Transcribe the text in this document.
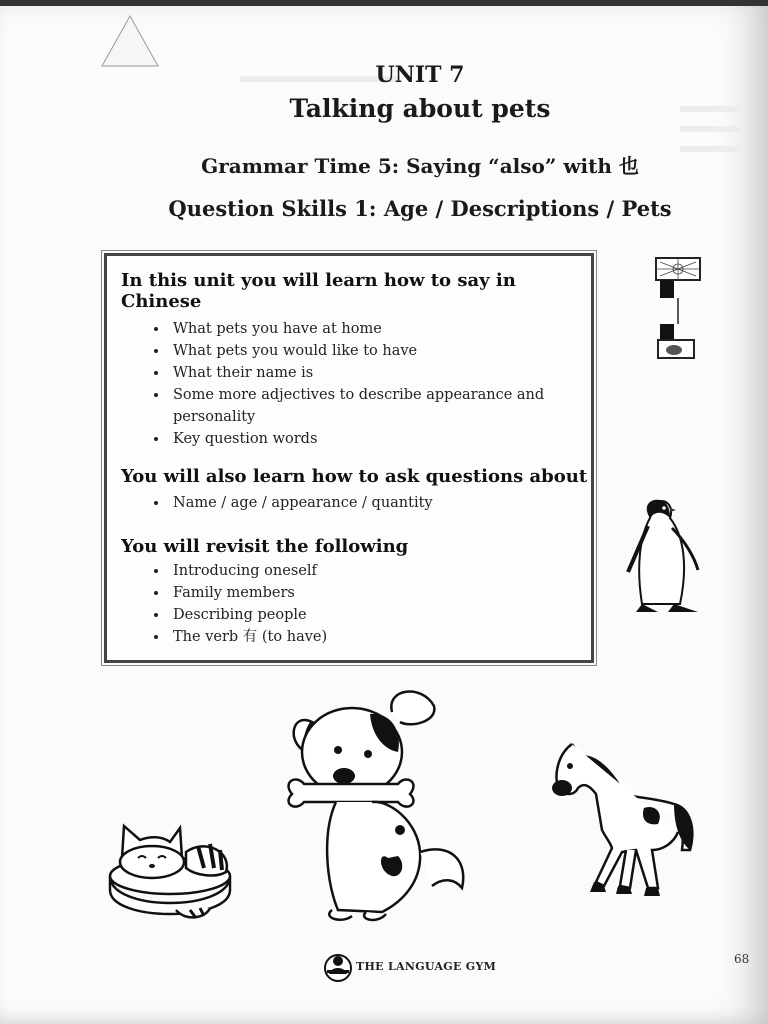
UNIT 7
Talking about pets
Grammar Time 5: Saying “also” with 也
Question Skills 1: Age / Descriptions / Pets
In this unit you will learn how to say in Chinese
• What pets you have at home
• What pets you would like to have
• What their name is
• Some more adjectives to describe appearance and personality
• Key question words
You will also learn how to ask questions about
• Name / age / appearance / quantity
You will revisit the following
• Introducing oneself
• Family members
• Describing people
• The verb 有 (to have)
THE LANGUAGE GYM
68
